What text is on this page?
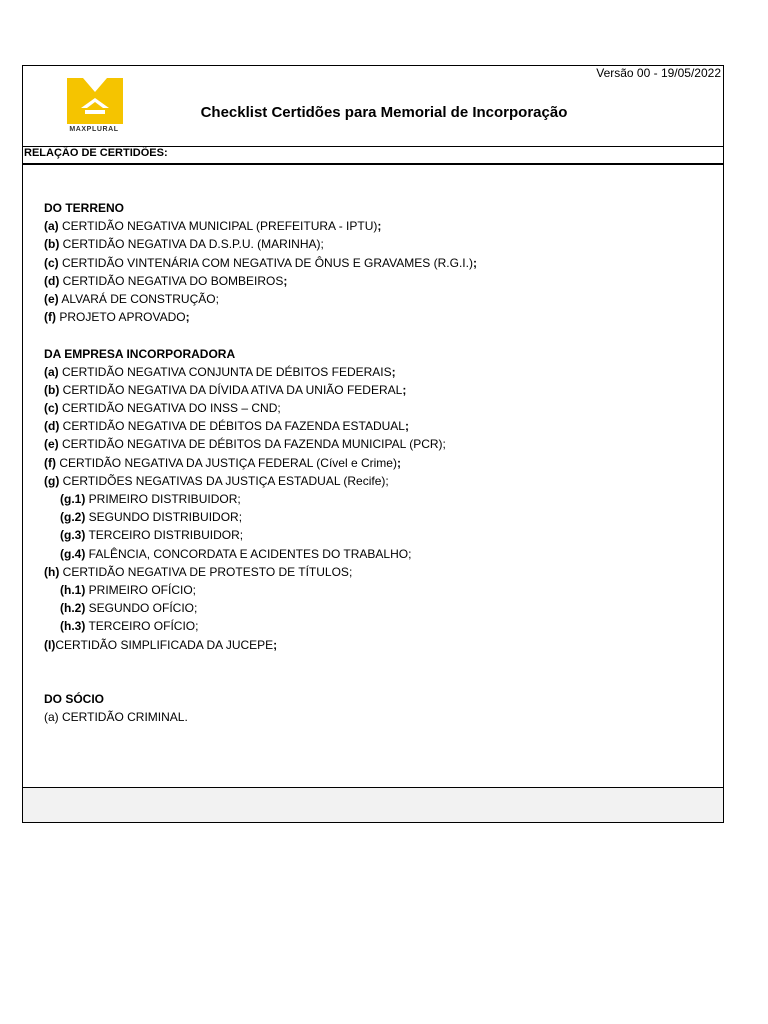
MAXPLURAL
Versão 00 - 19/05/2022
Checklist Certidões para Memorial de Incorporação
RELAÇÃO DE CERTIDÕES:
DO TERRENO
(a) CERTIDÃO NEGATIVA MUNICIPAL (PREFEITURA - IPTU);
(b) CERTIDÃO NEGATIVA DA D.S.P.U. (MARINHA);
(c) CERTIDÃO VINTENÁRIA COM NEGATIVA DE ÔNUS E GRAVAMES (R.G.I.);
(d) CERTIDÃO NEGATIVA DO BOMBEIROS;
(e) ALVARÁ DE CONSTRUÇÃO;
(f) PROJETO APROVADO;
DA EMPRESA INCORPORADORA
(a) CERTIDÃO NEGATIVA CONJUNTA DE DÉBITOS FEDERAIS;
(b) CERTIDÃO NEGATIVA DA DÍVIDA ATIVA DA UNIÃO FEDERAL;
(c) CERTIDÃO NEGATIVA DO INSS – CND;
(d) CERTIDÃO NEGATIVA DE DÉBITOS DA FAZENDA ESTADUAL;
(e) CERTIDÃO NEGATIVA DE DÉBITOS DA FAZENDA MUNICIPAL (PCR);
(f) CERTIDÃO NEGATIVA DA JUSTIÇA FEDERAL (Cível e Crime);
(g) CERTIDÕES NEGATIVAS DA JUSTIÇA ESTADUAL (Recife);
(g.1) PRIMEIRO DISTRIBUIDOR;
(g.2) SEGUNDO DISTRIBUIDOR;
(g.3) TERCEIRO DISTRIBUIDOR;
(g.4) FALÊNCIA, CONCORDATA E ACIDENTES DO TRABALHO;
(h) CERTIDÃO NEGATIVA DE PROTESTO DE TÍTULOS;
(h.1) PRIMEIRO OFÍCIO;
(h.2) SEGUNDO OFÍCIO;
(h.3) TERCEIRO OFÍCIO;
(I)CERTIDÃO SIMPLIFICADA DA JUCEPE;
DO SÓCIO
(a) CERTIDÃO CRIMINAL.
